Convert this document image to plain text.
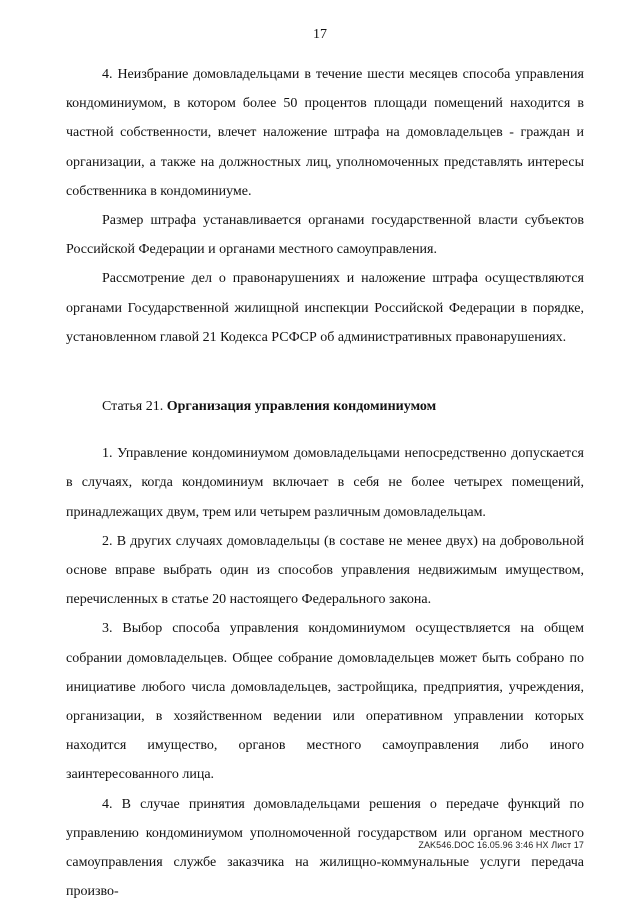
17

4. Неизбрание домовладельцами в течение шести месяцев способа управления кондоминиумом, в котором более 50 процентов площади помещений находится в частной собственности, влечет наложение штрафа на домовладельцев - граждан и организации, а также на должностных лиц, уполномоченных представлять интересы собственника в кондоминиуме.

Размер штрафа устанавливается органами государственной власти субъектов Российской Федерации и органами местного самоуправления.

Рассмотрение дел о правонарушениях и наложение штрафа осуществляются органами Государственной жилищной инспекции Российской Федерации в порядке, установленном главой 21 Кодекса РСФСР об административных правонарушениях.

Статья 21. Организация управления кондоминиумом

1. Управление кондоминиумом домовладельцами непосредственно допускается в случаях, когда кондоминиум включает в себя не более четырех помещений, принадлежащих двум, трем или четырем различным домовладельцам.

2. В других случаях домовладельцы (в составе не менее двух) на добровольной основе вправе выбрать один из способов управления недвижимым имуществом, перечисленных в статье 20 настоящего Федерального закона.

3. Выбор способа управления кондоминиумом осуществляется на общем собрании домовладельцев. Общее собрание домовладельцев может быть собрано по инициативе любого числа домовладельцев, застройщика, предприятия, учреждения, организации, в хозяйственном ведении или оперативном управлении которых находится имущество, органов местного самоуправления либо иного заинтересованного лица.

4. В случае принятия домовладельцами решения о передаче функций по управлению кондоминиумом уполномоченной государством или органом местного самоуправления службе заказчика на жилищно-коммунальные услуги передача произво-

ZAK546.DOC 16.05.96 3:46 НХ Лист 17
